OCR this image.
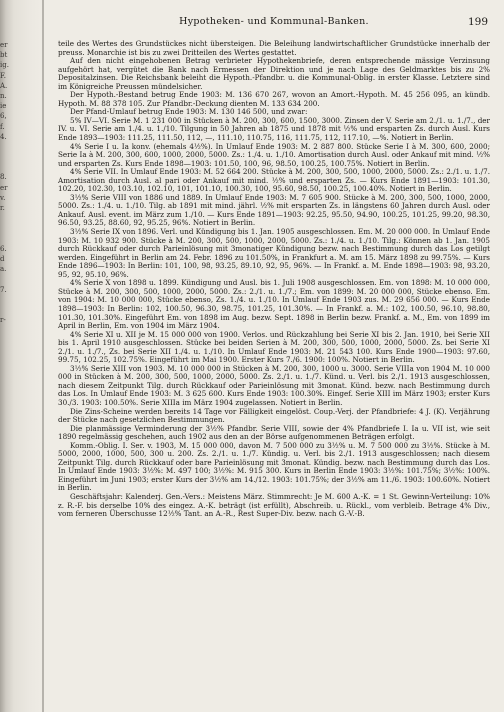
er
bt
ig.
F.
A.
n.
ie
6,
f.
4.
8.
er
v.
r.
6.
d
a.
7.
r-
Hypotheken- und Kommunal-Banken.	199

teile des Wertes des Grundstückes nicht übersteigen. Die Beleihung landwirtschaftlicher Grundstücke innerhalb der preuss. Monarchie ist bis zu zwei Dritteilen des Wertes gestattet.

Auf den nicht eingehobenen Betrag verbrieter Hypothekenbriefe, deren entsprechende mässige Verzinsung aufgehört hat, vergütet die Bank nach Ermessen der Direktion und je nach Lage des Geldmarktes bis zu 2% Depositalzinsen. Die Reichsbank beleiht die Hypoth.-Pfandbr. u. die Kommunal-Oblig. in erster Klasse. Letztere sind im Königreiche Preussen mündelsicher.

Der Hypoth.-Bestand betrug Ende 1903: M. 136 670 267, wovon an Amort.-Hypoth. M. 45 256 095, an kündb. Hypoth. M. 88 378 105. Zur Pfandbr.-Deckung dienten M. 133 634 200.

Der Pfand-Umlauf betrug Ende 1903: M. 130 146 500, und zwar:

5% IV—VI. Serie M. 1 231 000 in Stücken à M. 200, 300, 600, 1500, 3000. Zinsen der V. Serie am 2./1. u. 1./7., der IV. u. VI. Serie am 1./4. u. 1./10. Tilgung in 50 Jahren ab 1875 und 1878 mit ½% und ersparten Zs. durch Ausl. Kurs Ende 1893—1903: 111.25, 111.50, 112, —, 111.10, 110.75, 116, 111.75, 112, 117.10, —%. Notiert in Berlin.

4% Serie I u. Ia konv. (ehemals 4½%). In Umlauf Ende 1903: M. 2 887 800. Stücke Serie I à M. 300, 600, 2000; Serie Ia à M. 200, 300, 600, 1000, 2000, 5000. Zs.: 1./4. u. 1./10. Amortisation durch Ausl. oder Ankauf mit mind. ½% und ersparten Zs. Kurs Ende 1898—1903: 101.50, 100, 96, 98.50, 100.25, 100.75%. Notiert in Berlin.

4% Serie VII. In Umlauf Ende 1903: M. 52 664 200. Stücke à M. 200, 300, 500, 1000, 2000, 5000. Zs.: 2./1. u. 1./7. Amortisation durch Ausl. al pari oder Ankauf mit mind. ½% und ersparten Zs. — Kurs Ende 1891—1903: 101.30, 102.20, 102.30, 103.10, 102.10, 101, 101.10, 100.30, 100, 95.60, 98.50, 100.25, 100.40%. Notiert in Berlin.

3½% Serie VIII von 1886 und 1889. In Umlauf Ende 1903: M. 7 605 900. Stücke à M. 200, 300, 500, 1000, 2000, 5000. Zs.: 1./4. u. 1./10. Tilg. ab 1891 mit mind. jährl. ½% mit ersparten Zs. in längstens 60 Jahren durch Ausl. oder Ankauf. Ausl. event. im März zum 1./10. — Kurs Ende 1891—1903: 92.25, 95.50, 94.90, 100.25, 101.25, 99.20, 98.30, 96.50, 93.25, 88.60, 92, 95.25, 96%. Notiert in Berlin.

3½% Serie IX von 1896. Verl. und Kündigung bis 1. Jan. 1905 ausgeschlossen. Em. M. 20 000 000. In Umlauf Ende 1903: M. 10 932 900. Stücke à M. 200, 300, 500, 1000, 2000, 5000. Zs.: 1./4. u. 1./10. Tilg.: Können ab 1. Jan. 1905 durch Rückkauf oder durch Parieinlösung mit 3monatiger Kündigung bezw. nach Bestimmung durch das Los getilgt werden. Eingeführt in Berlin am 24. Febr. 1896 zu 101.50%, in Frankfurt a. M. am 15. März 1898 zu 99.75%. — Kurs Ende 1896—1903: In Berlin: 101, 100, 98, 93.25, 89.10, 92, 95, 96%. — In Frankf. a. M. Ende 1898—1903: 98, 93.20, 95, 92, 95.10, 96%.

4% Serie X von 1898 u. 1899. Kündigung und Ausl. bis 1. Juli 1908 ausgeschlossen. Em. von 1898: M. 10 000 000, Stücke à M. 200, 300, 500, 1000, 2000, 5000. Zs.: 2./1. u. 1./7.; Em. von 1899: M. 20 000 000, Stücke ebenso. Em. von 1904: M. 10 000 000, Stücke ebenso, Zs. 1./4. u. 1./10. In Umlauf Ende 1903 zus. M. 29 656 000. — Kurs Ende 1898—1903: In Berlin: 102, 100.50, 96.30, 98.75, 101.25, 101.30%. — In Frankf. a. M.: 102, 100.50, 96.10, 98.80, 101.30, 101.30%. Eingeführt Em. von 1898 im Aug. bezw. Sept. 1898 in Berlin bezw. Frankf. a. M., Em. von 1899 im April in Berlin, Em. von 1904 im März 1904.

4% Serie XI u. XII je M. 15 000 000 von 1900. Verlos. und Rückzahlung bei Serie XI bis 2. Jan. 1910, bei Serie XII bis 1. April 1910 ausgeschlossen. Stücke bei beiden Serien à M. 200, 300, 500, 1000, 2000, 5000. Zs. bei Serie XI 2./1. u. 1./7., Zs. bei Serie XII 1./4. u. 1./10. In Umlauf Ende 1903: M. 21 543 100. Kurs Ende 1900—1903: 97.60, 99.75, 102.25, 102.75%. Eingeführt im Mai 1900. Erster Kurs 7./6. 1900: 100%. Notiert in Berlin.

3½% Serie XIII von 1903. M. 10 000 000 in Stücken à M. 200, 300, 1000 u. 3000. Serie VIIIa von 1904 M. 10 000 000 in Stücken à M. 200, 300, 500, 1000, 2000, 5000. Zs. 2./1. u. 1./7. Künd. u. Verl. bis 2./1. 1913 ausgeschlossen, nach diesem Zeitpunkt Tilg. durch Rückkauf oder Parieinlösung mit 3monat. Künd. bezw. nach Bestimmung durch das Los. In Umlauf Ende 1903: M. 3 625 600. Kurs Ende 1903: 100.30%. Eingef. Serie XIII im März 1903; erster Kurs 30./3. 1903: 100.50%. Serie XIIIa im März 1904 zugelassen. Notiert in Berlin.

Die Zins-Scheine werden bereits 14 Tage vor Fälligkeit eingelöst. Coup.-Verj. der Pfandbriefe: 4 J. (K). Verjährung der Stücke nach gesetzlichen Bestimmungen.

Die planmässige Verminderung der 3½% Pfandbr. Serie VIII, sowie der 4% Pfandbriefe I. Ia u. VII ist, wie seit 1890 regelmässig geschehen, auch 1902 aus den an der Börse aufgenommenen Beträgen erfolgt.

Komm.-Oblig. I. Ser. v. 1903, M. 15 000 000, davon M. 7 500 000 zu 3½% u. M. 7 500 000 zu 3½%. Stücke à M. 5000, 2000, 1000, 500, 300 u. 200. Zs. 2./1. u. 1./7. Kündig. u. Verl. bis 2./1. 1913 ausgeschlossen; nach diesem Zeitpunkt Tilg. durch Rückkauf oder bare Parieinlösung mit 3monat. Kündig. bezw. nach Bestimmung durch das Los. In Umlauf Ende 1903: 3½%: M. 497 100; 3½%: M. 915 300. Kurs in Berlin Ende 1903: 3½%: 101.75%; 3½%: 100%. Eingeführt im Juni 1903; erster Kurs der 3½% am 14./12. 1903: 101.75%; der 3½% am 11./6. 1903: 100.60%. Notiert in Berlin.

Geschäftsjahr: Kalenderj. Gen.-Vers.: Meistens März. Stimmrecht: Je M. 600 A.-K. = 1 St. Gewinn-Verteilung: 10% z. R.-F. bis derselbe 10% des eingez. A.-K. beträgt (ist erfüllt), Abschreib. u. Rückl., vom verbleib. Betrage 4% Div., vom ferneren Überschusse 12½% Tant. an A.-R., Rest Super-Div. bezw. nach G.-V.-B.
